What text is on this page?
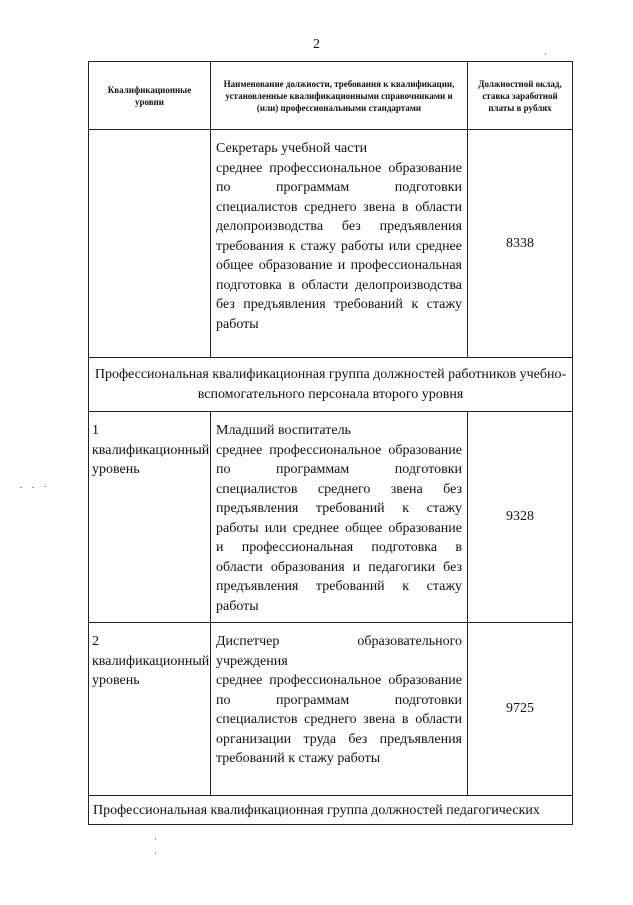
2
Квалификационные уровни	Наименование должности, требования к квалификации, установленные квалификационными справочниками и (или) профессиональными стандартами	Должностной оклад, ставка заработной платы в рублях

	Секретарь учебной части
среднее профессиональное образование по программам подготовки специалистов среднего звена в области делопроизводства без предъявления требования к стажу работы или среднее общее образование и профессиональная подготовка в области делопроизводства без предъявления требований к стажу работы	8338
Профессиональная квалификационная группа должностей работников учебно-вспомогательного персонала второго уровня		
1 квалификационный уровень	Младший воспитатель
среднее профессиональное образование по программам подготовки специалистов среднего звена без предъявления требований к стажу работы или среднее общее образование и профессиональная подготовка в области образования и педагогики без предъявления требований к стажу работы	9328
2 квалификационный уровень	Диспетчер образовательного учреждения
среднее профессиональное образование по программам подготовки специалистов среднего звена в области организации труда без предъявления требований к стажу работы	9725
Профессиональная квалификационная группа должностей педагогических		
